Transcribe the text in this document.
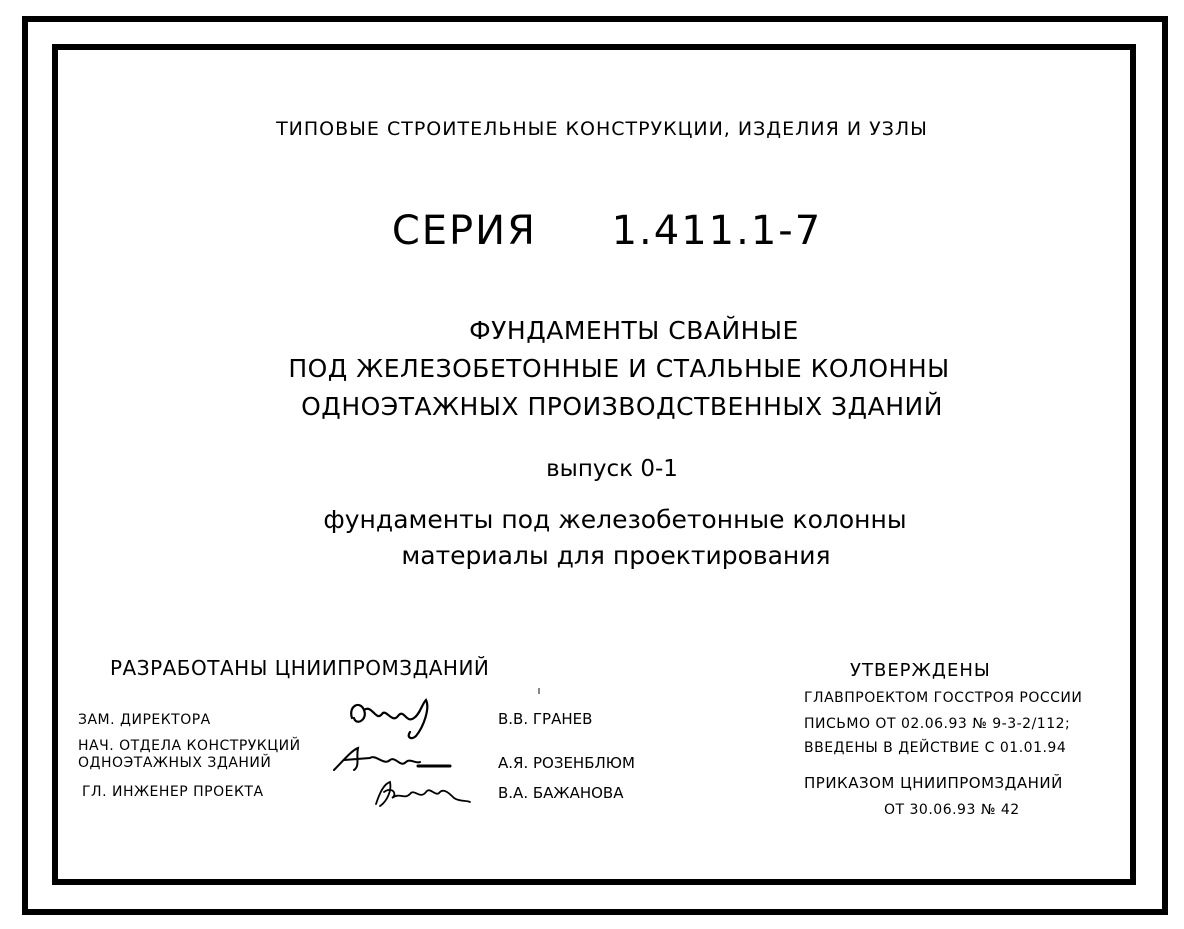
ТИПОВЫЕ СТРОИТЕЛЬНЫЕ КОНСТРУКЦИИ, ИЗДЕЛИЯ И УЗЛЫ
СЕРИЯ 1.411.1-7
ФУНДАМЕНТЫ СВАЙНЫЕ
ПОД ЖЕЛЕЗОБЕТОННЫЕ И СТАЛЬНЫЕ КОЛОННЫ
ОДНОЭТАЖНЫХ ПРОИЗВОДСТВЕННЫХ ЗДАНИЙ
выпуск 0-1
фундаменты под железобетонные колонны
материалы для проектирования
РАЗРАБОТАНЫ ЦНИИПРОМЗДАНИЙ
ЗАМ. ДИРЕКТОРА
НАЧ. ОТДЕЛА КОНСТРУКЦИЙ
ОДНОЭТАЖНЫХ ЗДАНИЙ
ГЛ. ИНЖЕНЕР ПРОЕКТА
В.В. ГРАНЕВ
А.Я. РОЗЕНБЛЮМ
В.А. БАЖАНОВА
УТВЕРЖДЕНЫ
ГЛАВПРОЕКТОМ ГОССТРОЯ РОССИИ
ПИСЬМО ОТ 02.06.93 № 9-3-2/112;
ВВЕДЕНЫ В ДЕЙСТВИЕ С 01.01.94
ПРИКАЗОМ ЦНИИПРОМЗДАНИЙ
ОТ 30.06.93 № 42
